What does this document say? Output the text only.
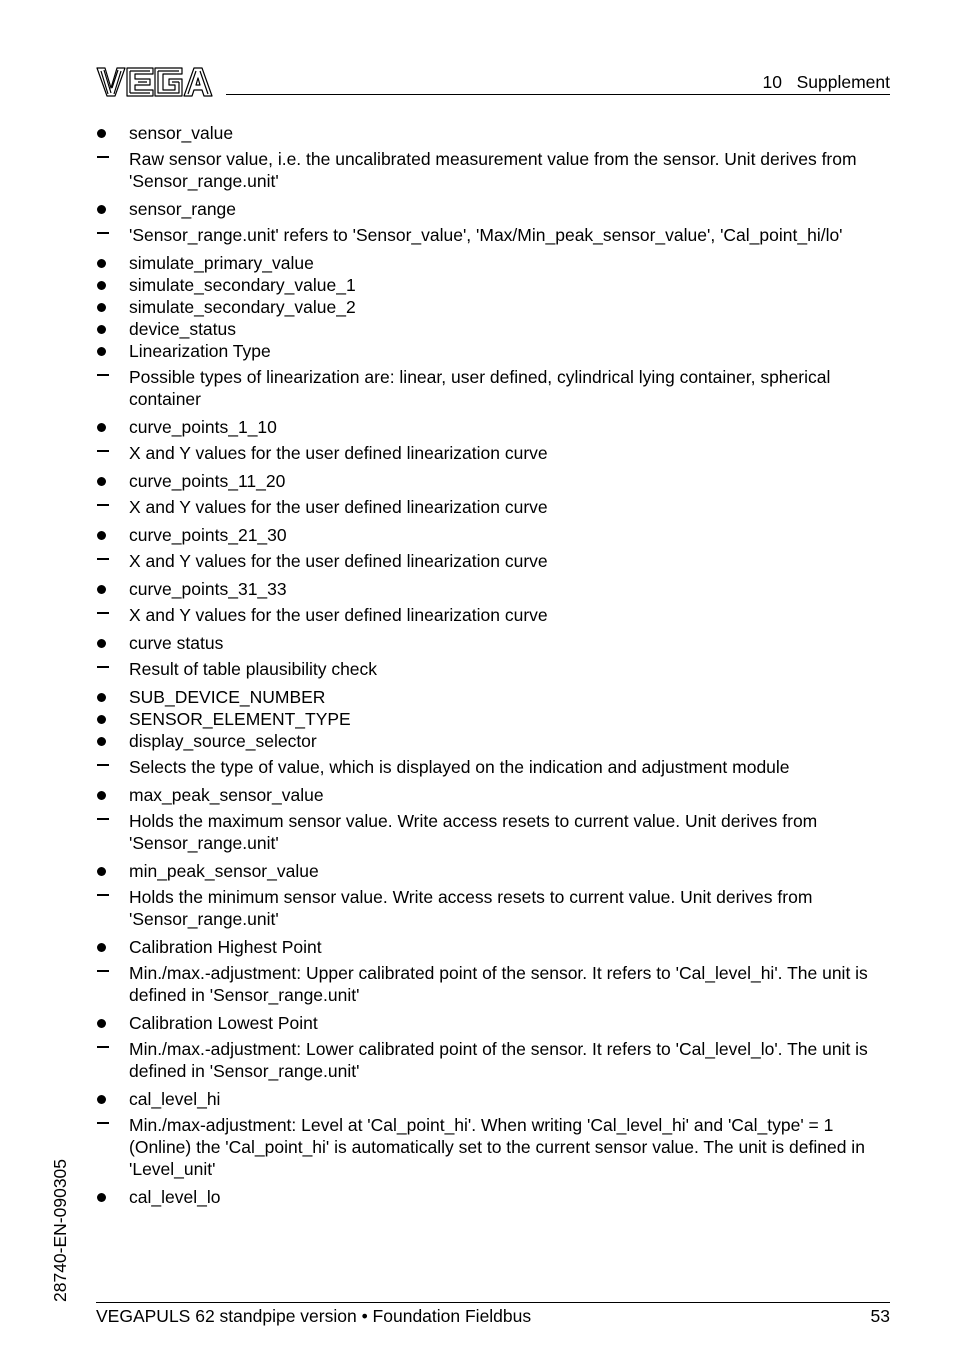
10   Supplement
sensor_value
Raw sensor value, i.e. the uncalibrated measurement value from the sensor. Unit derives from 'Sensor_range.unit'
sensor_range
'Sensor_range.unit' refers to 'Sensor_value', 'Max/Min_peak_sensor_value', 'Cal_point_hi/lo'
simulate_primary_value
simulate_secondary_value_1
simulate_secondary_value_2
device_status
Linearization Type
Possible types of linearization are: linear, user defined, cylindrical lying container, spherical container
curve_points_1_10
X and Y values for the user defined linearization curve
curve_points_11_20
X and Y values for the user defined linearization curve
curve_points_21_30
X and Y values for the user defined linearization curve
curve_points_31_33
X and Y values for the user defined linearization curve
curve status
Result of table plausibility check
SUB_DEVICE_NUMBER
SENSOR_ELEMENT_TYPE
display_source_selector
Selects the type of value, which is displayed on the indication and adjustment module
max_peak_sensor_value
Holds the maximum sensor value. Write access resets to current value. Unit derives from 'Sensor_range.unit'
min_peak_sensor_value
Holds the minimum sensor value. Write access resets to current value. Unit derives from 'Sensor_range.unit'
Calibration Highest Point
Min./max.-adjustment: Upper calibrated point of the sensor. It refers to 'Cal_level_hi'. The unit is defined in 'Sensor_range.unit'
Calibration Lowest Point
Min./max.-adjustment: Lower calibrated point of the sensor. It refers to 'Cal_level_lo'. The unit is defined in 'Sensor_range.unit'
cal_level_hi
Min./max-adjustment: Level at 'Cal_point_hi'. When writing 'Cal_level_hi' and 'Cal_type' = 1 (Online) the 'Cal_point_hi' is automatically set to the current sensor value. The unit is defined in 'Level_unit'
cal_level_lo
28740-EN-090305
VEGAPULS 62 standpipe version • Foundation Fieldbus	53
